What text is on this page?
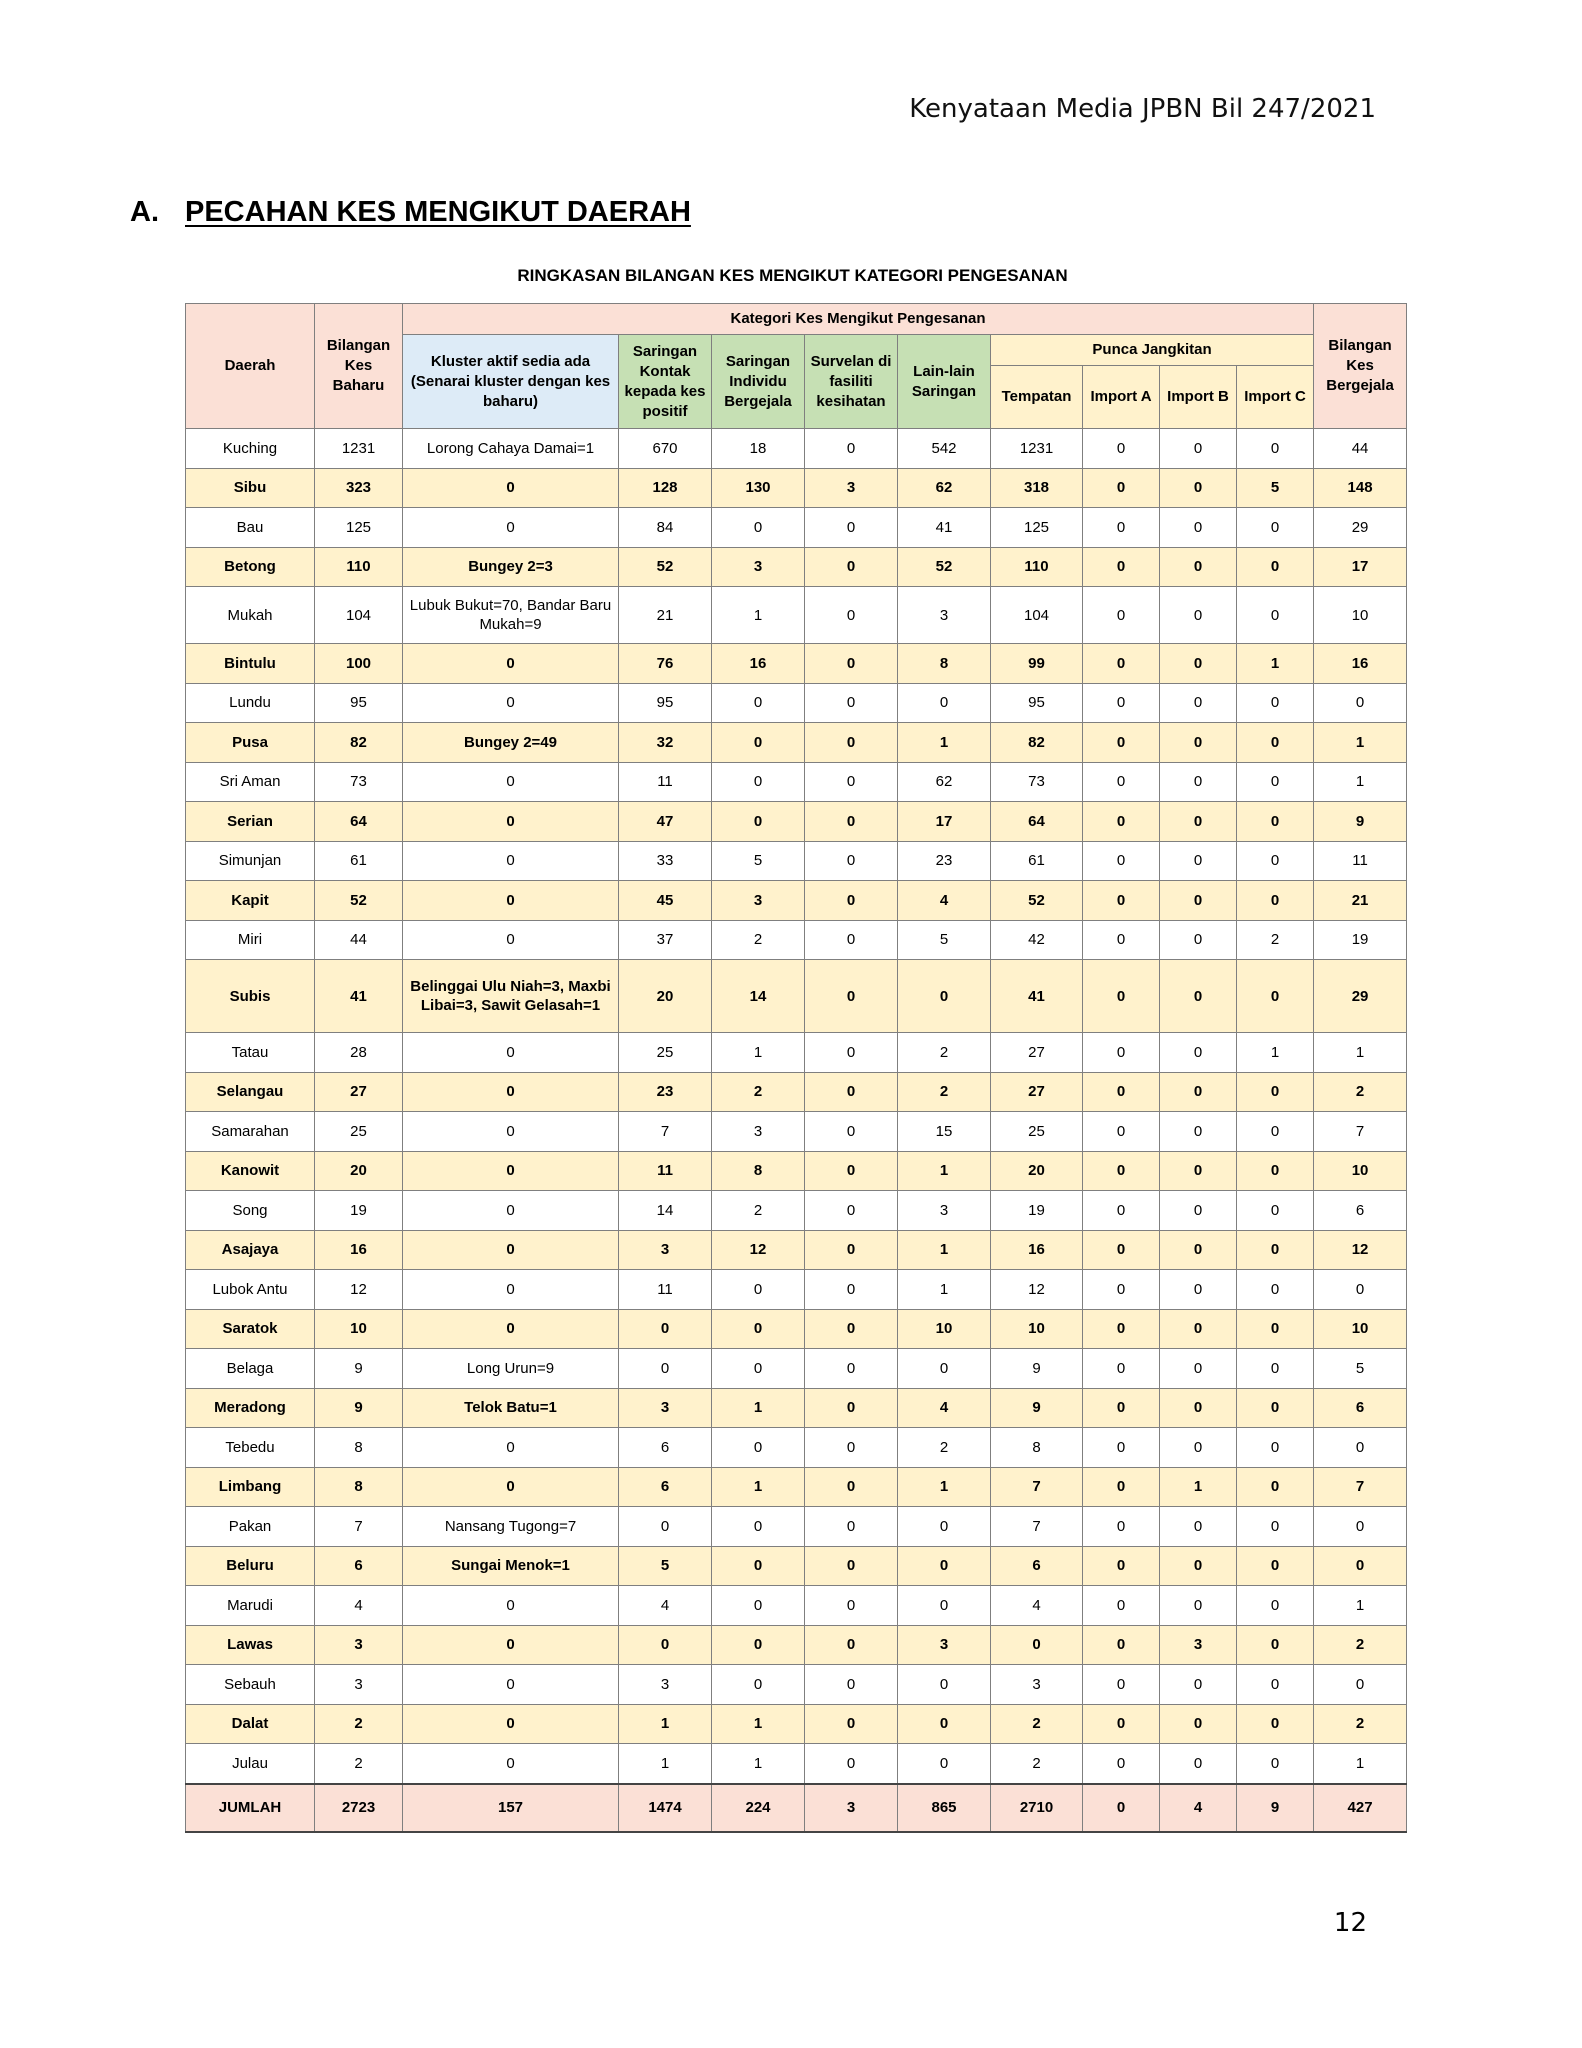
Kenyataan Media JPBN Bil 247/2021
A. PECAHAN KES MENGIKUT DAERAH
RINGKASAN BILANGAN KES MENGIKUT KATEGORI PENGESANAN
Daerah	Bilangan Kes Baharu	Kategori Kes Mengikut Pengesanan									Bilangan Kes Bergejala
		Kluster aktif sedia ada (Senarai kluster dengan kes baharu)	Saringan Kontak kepada kes positif	Saringan Individu Bergejala	Survelan di fasiliti kesihatan	Lain-lain Saringan	Punca Jangkitan				
							Tempatan	Import A	Import B	Import C	
Kuching	1231	Lorong Cahaya Damai=1	670	18	0	542	1231	0	0	0	44
Sibu	323	0	128	130	3	62	318	0	0	5	148
Bau	125	0	84	0	0	41	125	0	0	0	29
Betong	110	Bungey 2=3	52	3	0	52	110	0	0	0	17
Mukah	104	Lubuk Bukut=70, Bandar Baru Mukah=9	21	1	0	3	104	0	0	0	10
Bintulu	100	0	76	16	0	8	99	0	0	1	16
Lundu	95	0	95	0	0	0	95	0	0	0	0
Pusa	82	Bungey 2=49	32	0	0	1	82	0	0	0	1
Sri Aman	73	0	11	0	0	62	73	0	0	0	1
Serian	64	0	47	0	0	17	64	0	0	0	9
Simunjan	61	0	33	5	0	23	61	0	0	0	11
Kapit	52	0	45	3	0	4	52	0	0	0	21
Miri	44	0	37	2	0	5	42	0	0	2	19
Subis	41	Belinggai Ulu Niah=3, Maxbi Libai=3, Sawit Gelasah=1	20	14	0	0	41	0	0	0	29
Tatau	28	0	25	1	0	2	27	0	0	1	1
Selangau	27	0	23	2	0	2	27	0	0	0	2
Samarahan	25	0	7	3	0	15	25	0	0	0	7
Kanowit	20	0	11	8	0	1	20	0	0	0	10
Song	19	0	14	2	0	3	19	0	0	0	6
Asajaya	16	0	3	12	0	1	16	0	0	0	12
Lubok Antu	12	0	11	0	0	1	12	0	0	0	0
Saratok	10	0	0	0	0	10	10	0	0	0	10
Belaga	9	Long Urun=9	0	0	0	0	9	0	0	0	5
Meradong	9	Telok Batu=1	3	1	0	4	9	0	0	0	6
Tebedu	8	0	6	0	0	2	8	0	0	0	0
Limbang	8	0	6	1	0	1	7	0	1	0	7
Pakan	7	Nansang Tugong=7	0	0	0	0	7	0	0	0	0
Beluru	6	Sungai Menok=1	5	0	0	0	6	0	0	0	0
Marudi	4	0	4	0	0	0	4	0	0	0	1
Lawas	3	0	0	0	0	3	0	0	3	0	2
Sebauh	3	0	3	0	0	0	3	0	0	0	0
Dalat	2	0	1	1	0	0	2	0	0	0	2
Julau	2	0	1	1	0	0	2	0	0	0	1
JUMLAH	2723	157	1474	224	3	865	2710	0	4	9	427
12
